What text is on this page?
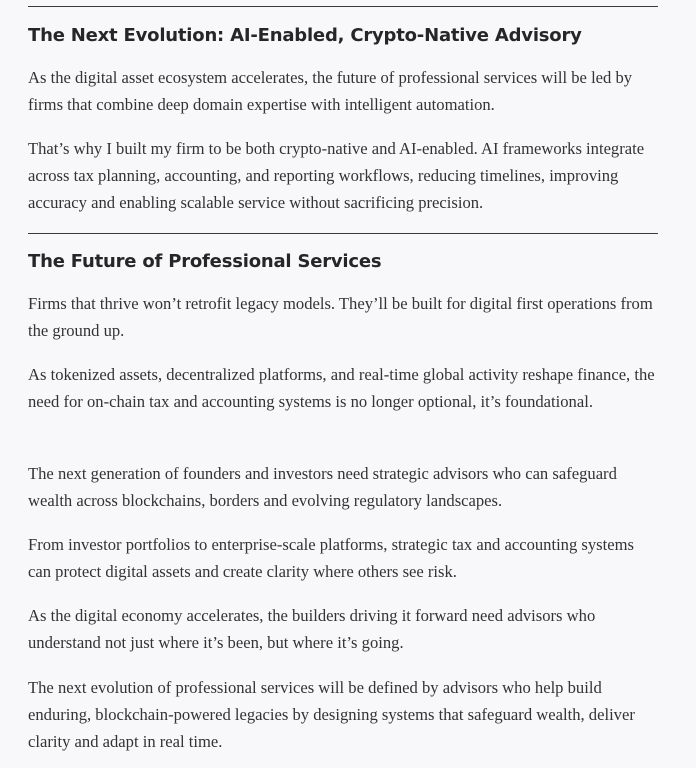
The Next Evolution: AI-Enabled, Crypto-Native Advisory

As the digital asset ecosystem accelerates, the future of professional services will be led by firms that combine deep domain expertise with intelligent automation.

That’s why I built my firm to be both crypto-native and AI-enabled. AI frameworks integrate across tax planning, accounting, and reporting workflows, reducing timelines, improving accuracy and enabling scalable service without sacrificing precision.

The Future of Professional Services

Firms that thrive won’t retrofit legacy models. They’ll be built for digital first operations from the ground up.

As tokenized assets, decentralized platforms, and real-time global activity reshape finance, the need for on-chain tax and accounting systems is no longer optional, it’s foundational.

The next generation of founders and investors need strategic advisors who can safeguard wealth across blockchains, borders and evolving regulatory landscapes.

From investor portfolios to enterprise-scale platforms, strategic tax and accounting systems can protect digital assets and create clarity where others see risk.

As the digital economy accelerates, the builders driving it forward need advisors who understand not just where it’s been, but where it’s going.

The next evolution of professional services will be defined by advisors who help build enduring, blockchain-powered legacies by designing systems that safeguard wealth, deliver clarity and adapt in real time.
